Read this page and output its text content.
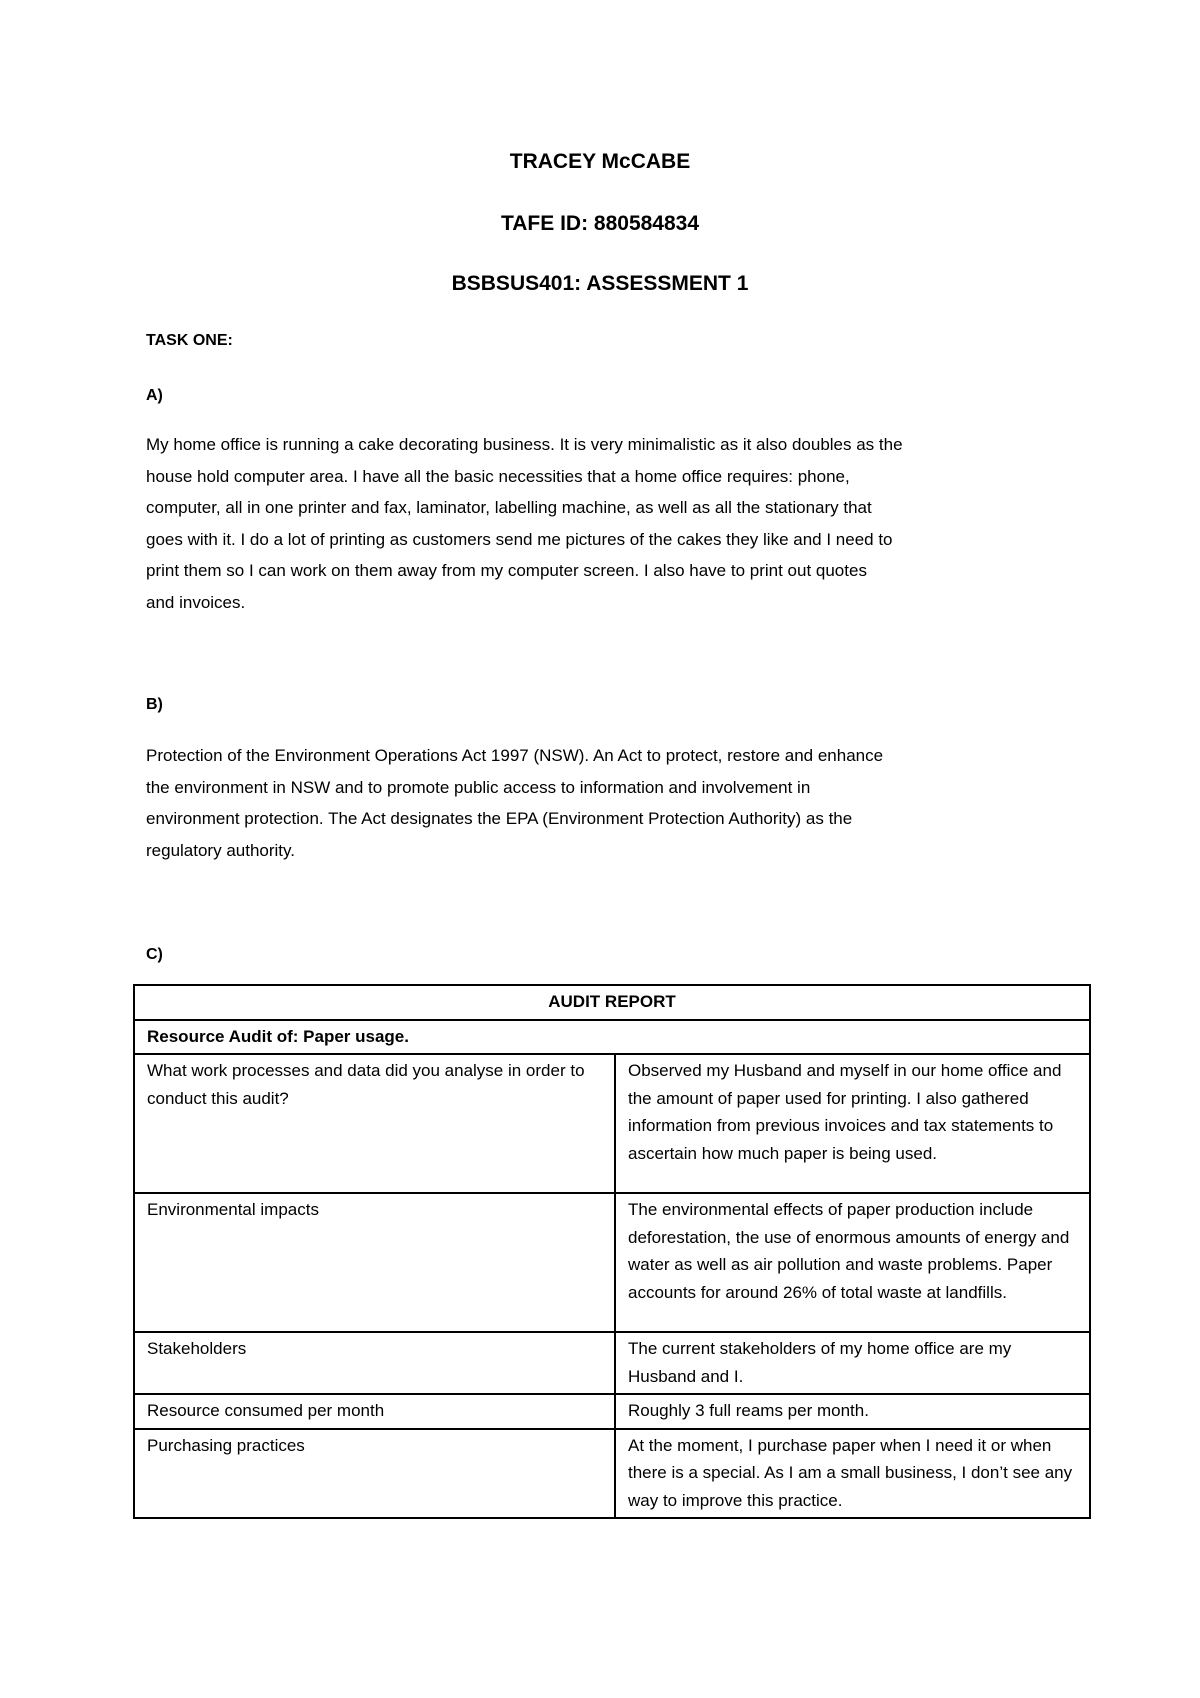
TRACEY McCABE
TAFE ID: 880584834
BSBSUS401: ASSESSMENT 1
TASK ONE:
A)
My home office is running a cake decorating business. It is very minimalistic as it also doubles as the
house hold computer area. I have all the basic necessities that a home office requires: phone,
computer, all in one printer and fax, laminator, labelling machine, as well as all the stationary that
goes with it. I do a lot of printing as customers send me pictures of the cakes they like and I need to
print them so I can work on them away from my computer screen. I also have to print out quotes
and invoices.
B)
Protection of the Environment Operations Act 1997 (NSW). An Act to protect, restore and enhance
the environment in NSW and to promote public access to information and involvement in
environment protection. The Act designates the EPA (Environment Protection Authority) as the
regulatory authority.
C)
AUDIT REPORT	
Resource Audit of: Paper usage.	
What work processes and data did you analyse in order to conduct this audit?	Observed my Husband and myself in our home office and the amount of paper used for printing. I also gathered information from previous invoices and tax statements to ascertain how much paper is being used.
Environmental impacts	The environmental effects of paper production include deforestation, the use of enormous amounts of energy and water as well as air pollution and waste problems. Paper accounts for around 26% of total waste at landfills.
Stakeholders	The current stakeholders of my home office are my Husband and I.
Resource consumed per month	Roughly 3 full reams per month.
Purchasing practices	At the moment, I purchase paper when I need it or when there is a special. As I am a small business, I don’t see any way to improve this practice.
